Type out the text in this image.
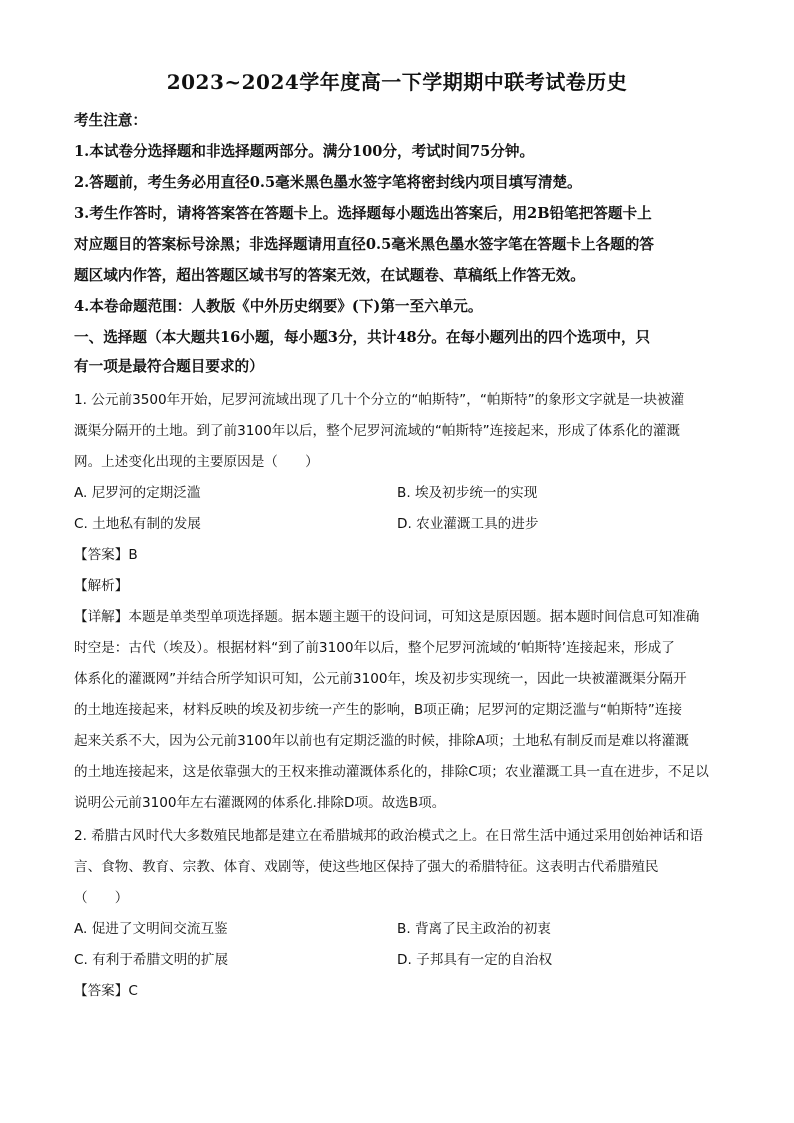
2023~2024学年度高一下学期期中联考试卷历史
考生注意：
1.本试卷分选择题和非选择题两部分。满分100分，考试时间75分钟。
2.答题前，考生务必用直径0.5毫米黑色墨水签字笔将密封线内项目填写清楚。
3.考生作答时，请将答案答在答题卡上。选择题每小题选出答案后，用2B铅笔把答题卡上
对应题目的答案标号涂黑；非选择题请用直径0.5毫米黑色墨水签字笔在答题卡上各题的答
题区域内作答，超出答题区域书写的答案无效，在试题卷、草稿纸上作答无效。
4.本卷命题范围：人教版《中外历史纲要》(下)第一至六单元。
一、选择题（本大题共16小题，每小题3分，共计48分。在每小题列出的四个选项中，只
有一项是最符合题目要求的）
1. 公元前3500年开始，尼罗河流域出现了几十个分立的“帕斯特”，“帕斯特”的象形文字就是一块被灌
溉渠分隔开的土地。到了前3100年以后，整个尼罗河流域的“帕斯特”连接起来，形成了体系化的灌溉
网。上述变化出现的主要原因是（　　）
A. 尼罗河的定期泛滥	B. 埃及初步统一的实现
C. 土地私有制的发展	D. 农业灌溉工具的进步
【答案】B
【解析】
【详解】本题是单类型单项选择题。据本题主题干的设问词，可知这是原因题。据本题时间信息可知准确
时空是：古代（埃及）。根据材料“到了前3100年以后，整个尼罗河流域的‘帕斯特’连接起来，形成了
体系化的灌溉网”并结合所学知识可知，公元前3100年，埃及初步实现统一，因此一块被灌溉渠分隔开
的土地连接起来，材料反映的埃及初步统一产生的影响，B项正确；尼罗河的定期泛滥与“帕斯特”连接
起来关系不大，因为公元前3100年以前也有定期泛滥的时候，排除A项；土地私有制反而是难以将灌溉
的土地连接起来，这是依靠强大的王权来推动灌溉体系化的，排除C项；农业灌溉工具一直在进步，不足以
说明公元前3100年左右灌溉网的体系化.排除D项。故选B项。
2. 希腊古风时代大多数殖民地都是建立在希腊城邦的政治模式之上。在日常生活中通过采用创始神话和语
言、食物、教育、宗教、体育、戏剧等，使这些地区保持了强大的希腊特征。这表明古代希腊殖民
（　　）
A. 促进了文明间交流互鉴	B. 背离了民主政治的初衷
C. 有利于希腊文明的扩展	D. 子邦具有一定的自治权
【答案】C
